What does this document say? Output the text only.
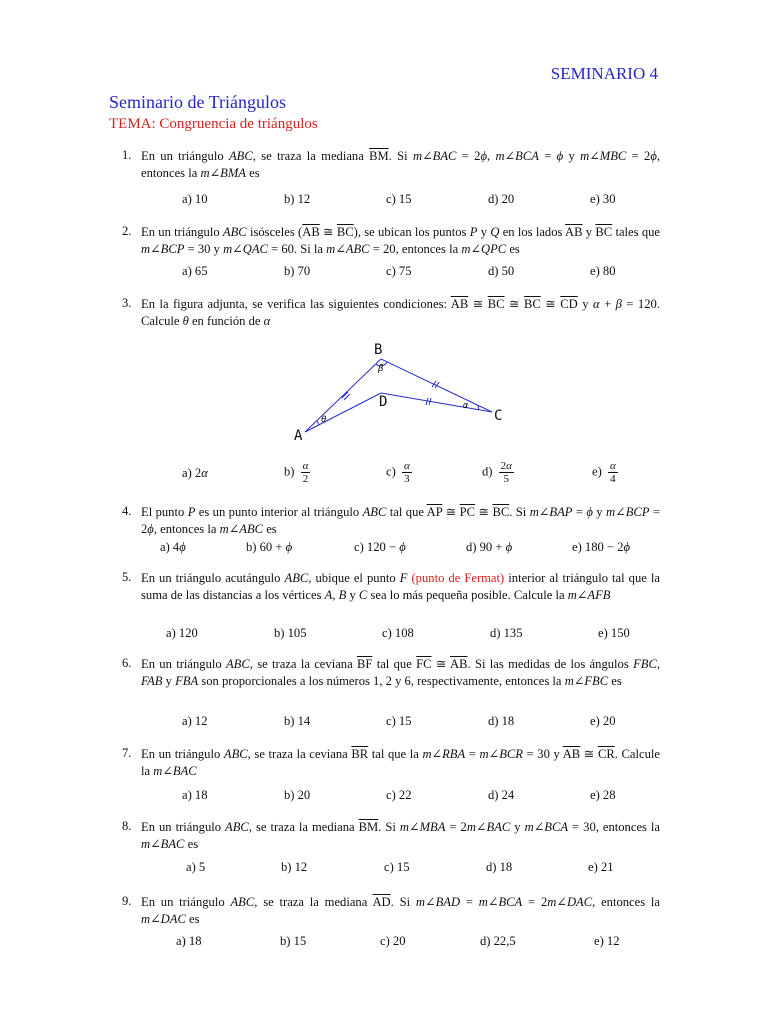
SEMINARIO 4
Seminario de Triángulos
TEMA: Congruencia de triángulos
1. En un triángulo ABC, se traza la mediana $\overline{BM}$. Si m∠BAC = 2ϕ, m∠BCA = ϕ y m∠MBC = 2ϕ, entonces la m∠BMA es
a) 10	b) 12	c) 15	d) 20	e) 30
2. En un triángulo ABC isósceles ($\overline{AB}$ ≅ $\overline{BC}$), se ubican los puntos P y Q en los lados $\overline{AB}$ y $\overline{BC}$ tales que m∠BCP = 30 y m∠QAC = 60. Si la m∠ABC = 20, entonces la m∠QPC es
a) 65	b) 70	c) 75	d) 50	e) 80
3. En la figura adjunta, se verifica las siguientes condiciones: $\overline{AB}$ ≅ $\overline{BC}$ ≅ $\overline{BC}$ ≅ $\overline{CD}$ y α + β = 120. Calcule θ en función de α
a) 2α	$b) \frac{\alpha}{2}$	$c) \frac{\alpha}{3}$	$d) \frac{2\alpha}{5}$	$e) \frac{\alpha}{4}$
4. El punto P es un punto interior al triángulo ABC tal que $\overline{AP}$ ≅ $\overline{PC}$ ≅ $\overline{BC}$. Si m∠BAP = ϕ y m∠BCP = 2ϕ, entonces la m∠ABC es
a) 4ϕ	b) 60 + ϕ	c) 120 − ϕ	d) 90 + ϕ	e) 180 − 2ϕ
5. En un triángulo acutángulo ABC, ubique el punto F (punto de Fermat) interior al triángulo tal que la suma de las distancias a los vértices A, B y C sea lo más pequeña posible. Calcule la m∠AFB
a) 120	b) 105	c) 108	d) 135	e) 150
6. En un triángulo ABC, se traza la ceviana $\overline{BF}$ tal que $\overline{FC}$ ≅ $\overline{AB}$. Si las medidas de los ángulos FBC, FAB y FBA son proporcionales a los números 1, 2 y 6, respectivamente, entonces la m∠FBC es
a) 12	b) 14	c) 15	d) 18	e) 20
7. En un triángulo ABC, se traza la ceviana $\overline{BR}$ tal que la m∠RBA = m∠BCR = 30 y $\overline{AB}$ ≅ $\overline{CR}$. Calcule la m∠BAC
a) 18	b) 20	c) 22	d) 24	e) 28
8. En un triángulo ABC, se traza la mediana $\overline{BM}$. Si m∠MBA = 2m∠BAC y m∠BCA = 30, entonces la m∠BAC es
a) 5	b) 12	c) 15	d) 18	e) 21
9. En un triángulo ABC, se traza la mediana $\overline{AD}$. Si m∠BAD = m∠BCA = 2m∠DAC, entonces la m∠DAC es
a) 18	b) 15	c) 20	d) 22,5	e) 12
B
D
A
C
β
θ
α
